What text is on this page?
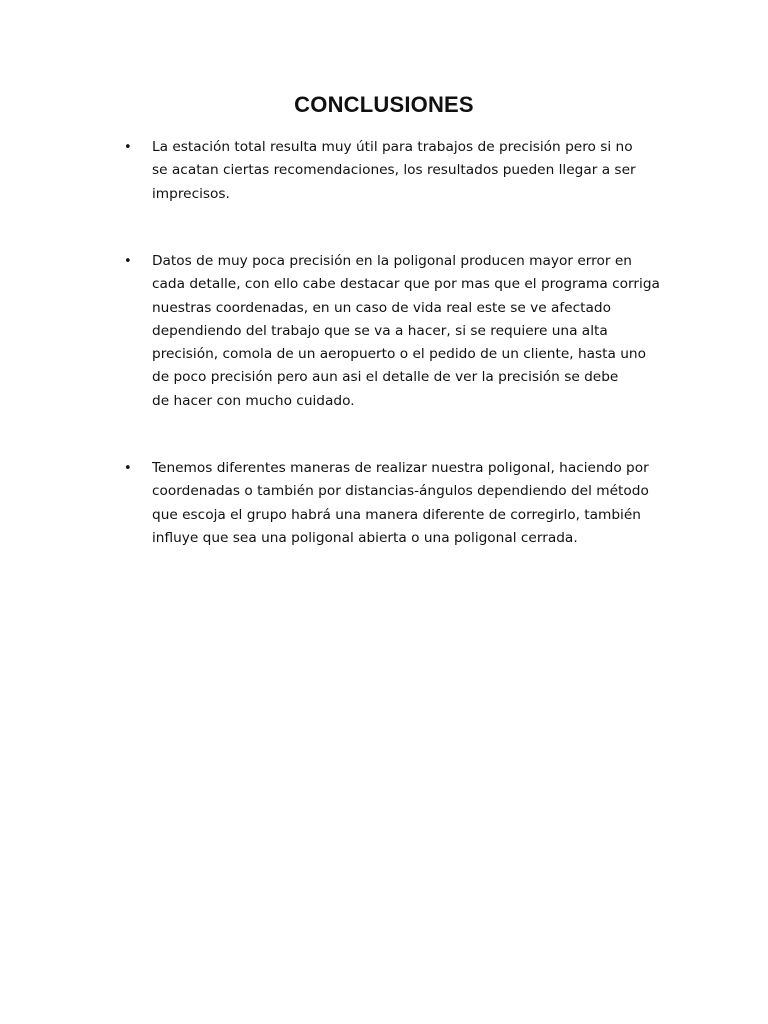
CONCLUSIONES
•	La estación total resulta muy útil para trabajos de precisión pero si no
se acatan ciertas recomendaciones, los resultados pueden llegar a ser
imprecisos.

•	Datos de muy poca precisión en la poligonal producen mayor error en
cada detalle, con ello cabe destacar que por mas que el programa corriga
nuestras coordenadas, en un caso de vida real este se ve afectado
dependiendo del trabajo que se va a hacer, si se requiere una alta
precisión, comola de un aeropuerto o el pedido de un cliente, hasta uno
de poco precisión pero aun asi el detalle de ver la precisión se debe
de hacer con mucho cuidado.

•	Tenemos diferentes maneras de realizar nuestra poligonal, haciendo por
coordenadas o también por distancias-ángulos dependiendo del método
que escoja el grupo habrá una manera diferente de corregirlo, también
influye que sea una poligonal abierta o una poligonal cerrada.
